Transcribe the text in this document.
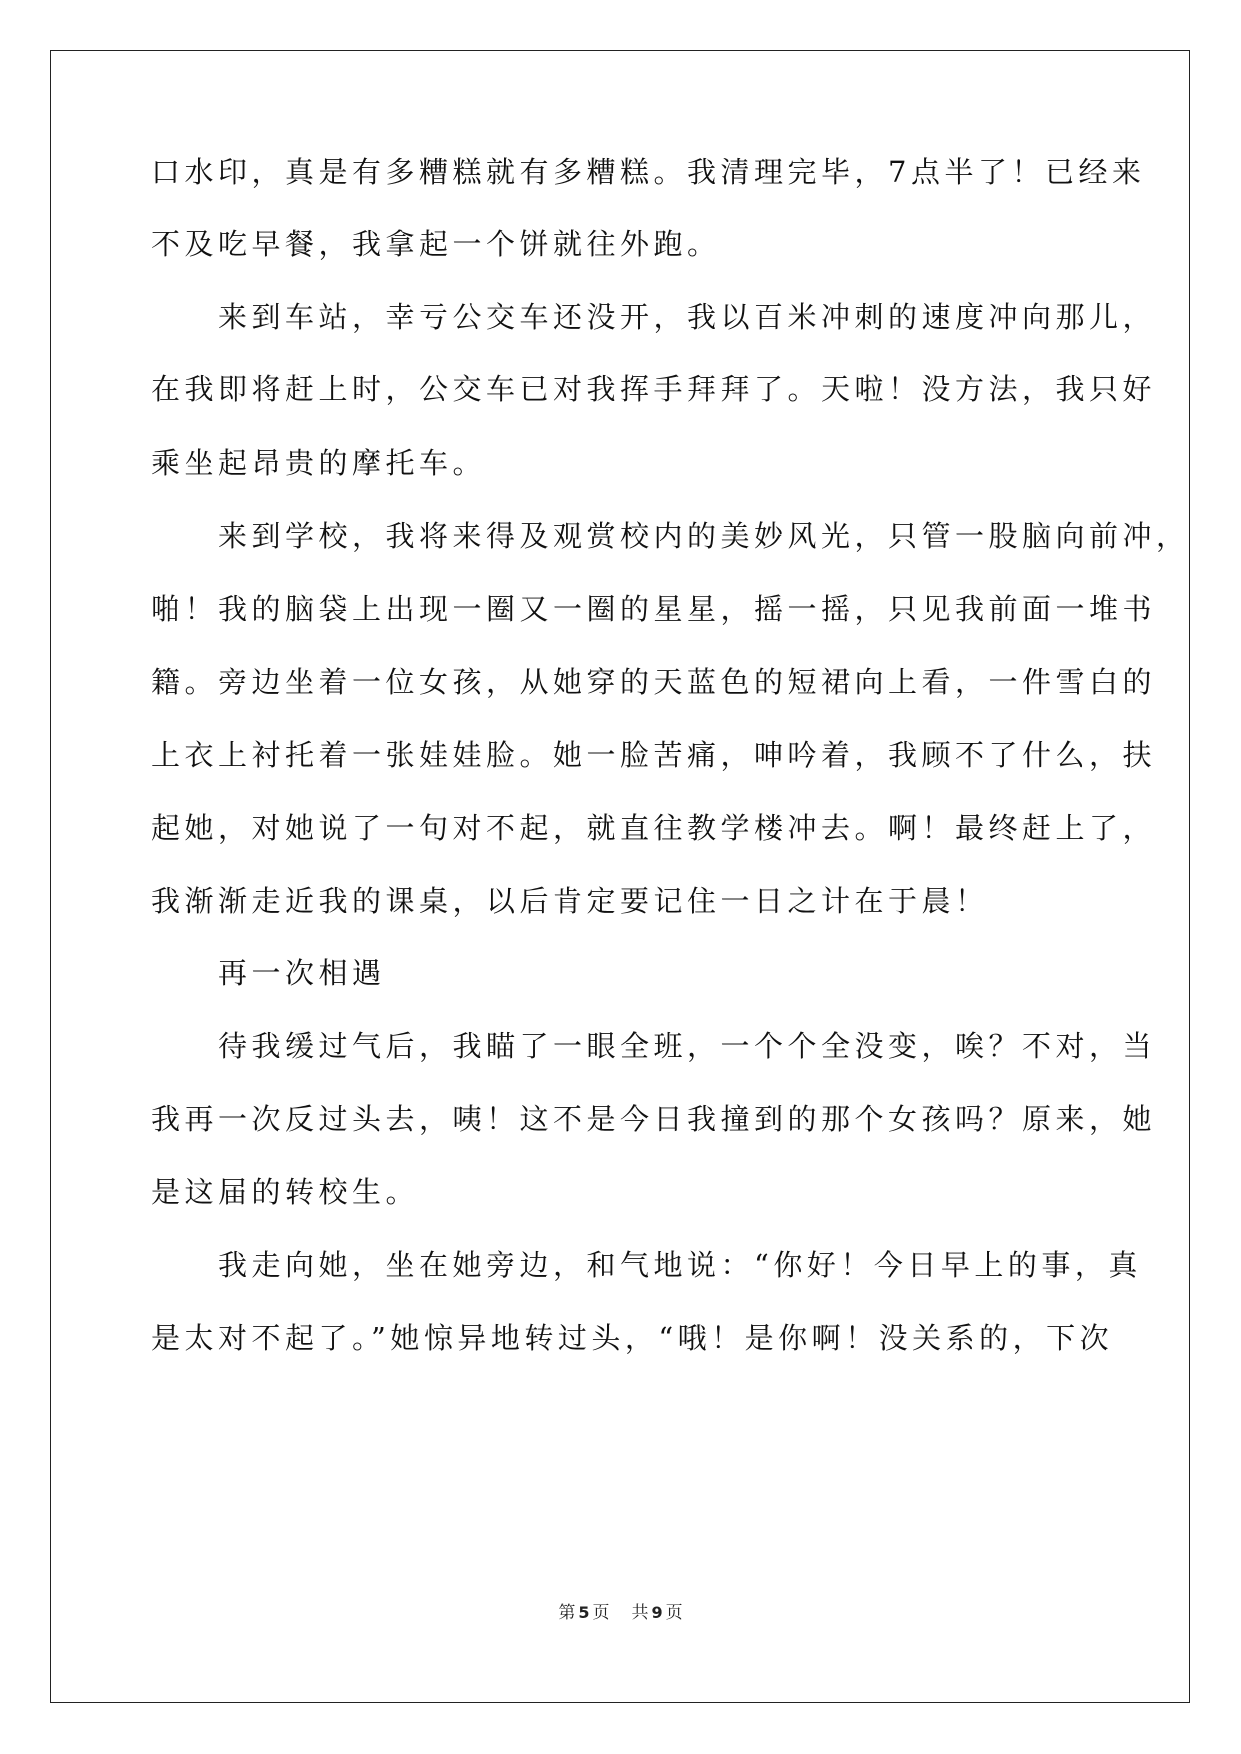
口水印，真是有多糟糕就有多糟糕。我清理完毕，7点半了！已经来
不及吃早餐，我拿起一个饼就往外跑。
　　来到车站，幸亏公交车还没开，我以百米冲刺的速度冲向那儿，
在我即将赶上时，公交车已对我挥手拜拜了。天啦！没方法，我只好
乘坐起昂贵的摩托车。
　　来到学校，我将来得及观赏校内的美妙风光，只管一股脑向前冲，
啪！我的脑袋上出现一圈又一圈的星星，摇一摇，只见我前面一堆书
籍。旁边坐着一位女孩，从她穿的天蓝色的短裙向上看，一件雪白的
上衣上衬托着一张娃娃脸。她一脸苦痛，呻吟着，我顾不了什么，扶
起她，对她说了一句对不起，就直往教学楼冲去。啊！最终赶上了，
我渐渐走近我的课桌，以后肯定要记住一日之计在于晨！
　　再一次相遇
　　待我缓过气后，我瞄了一眼全班，一个个全没变，唉？不对，当
我再一次反过头去，咦！这不是今日我撞到的那个女孩吗？原来，她
是这届的转校生。
　　我走向她，坐在她旁边，和气地说：“你好！今日早上的事，真
是太对不起了。”她惊异地转过头，“哦！是你啊！没关系的，下次
第 5 页 共 9 页
